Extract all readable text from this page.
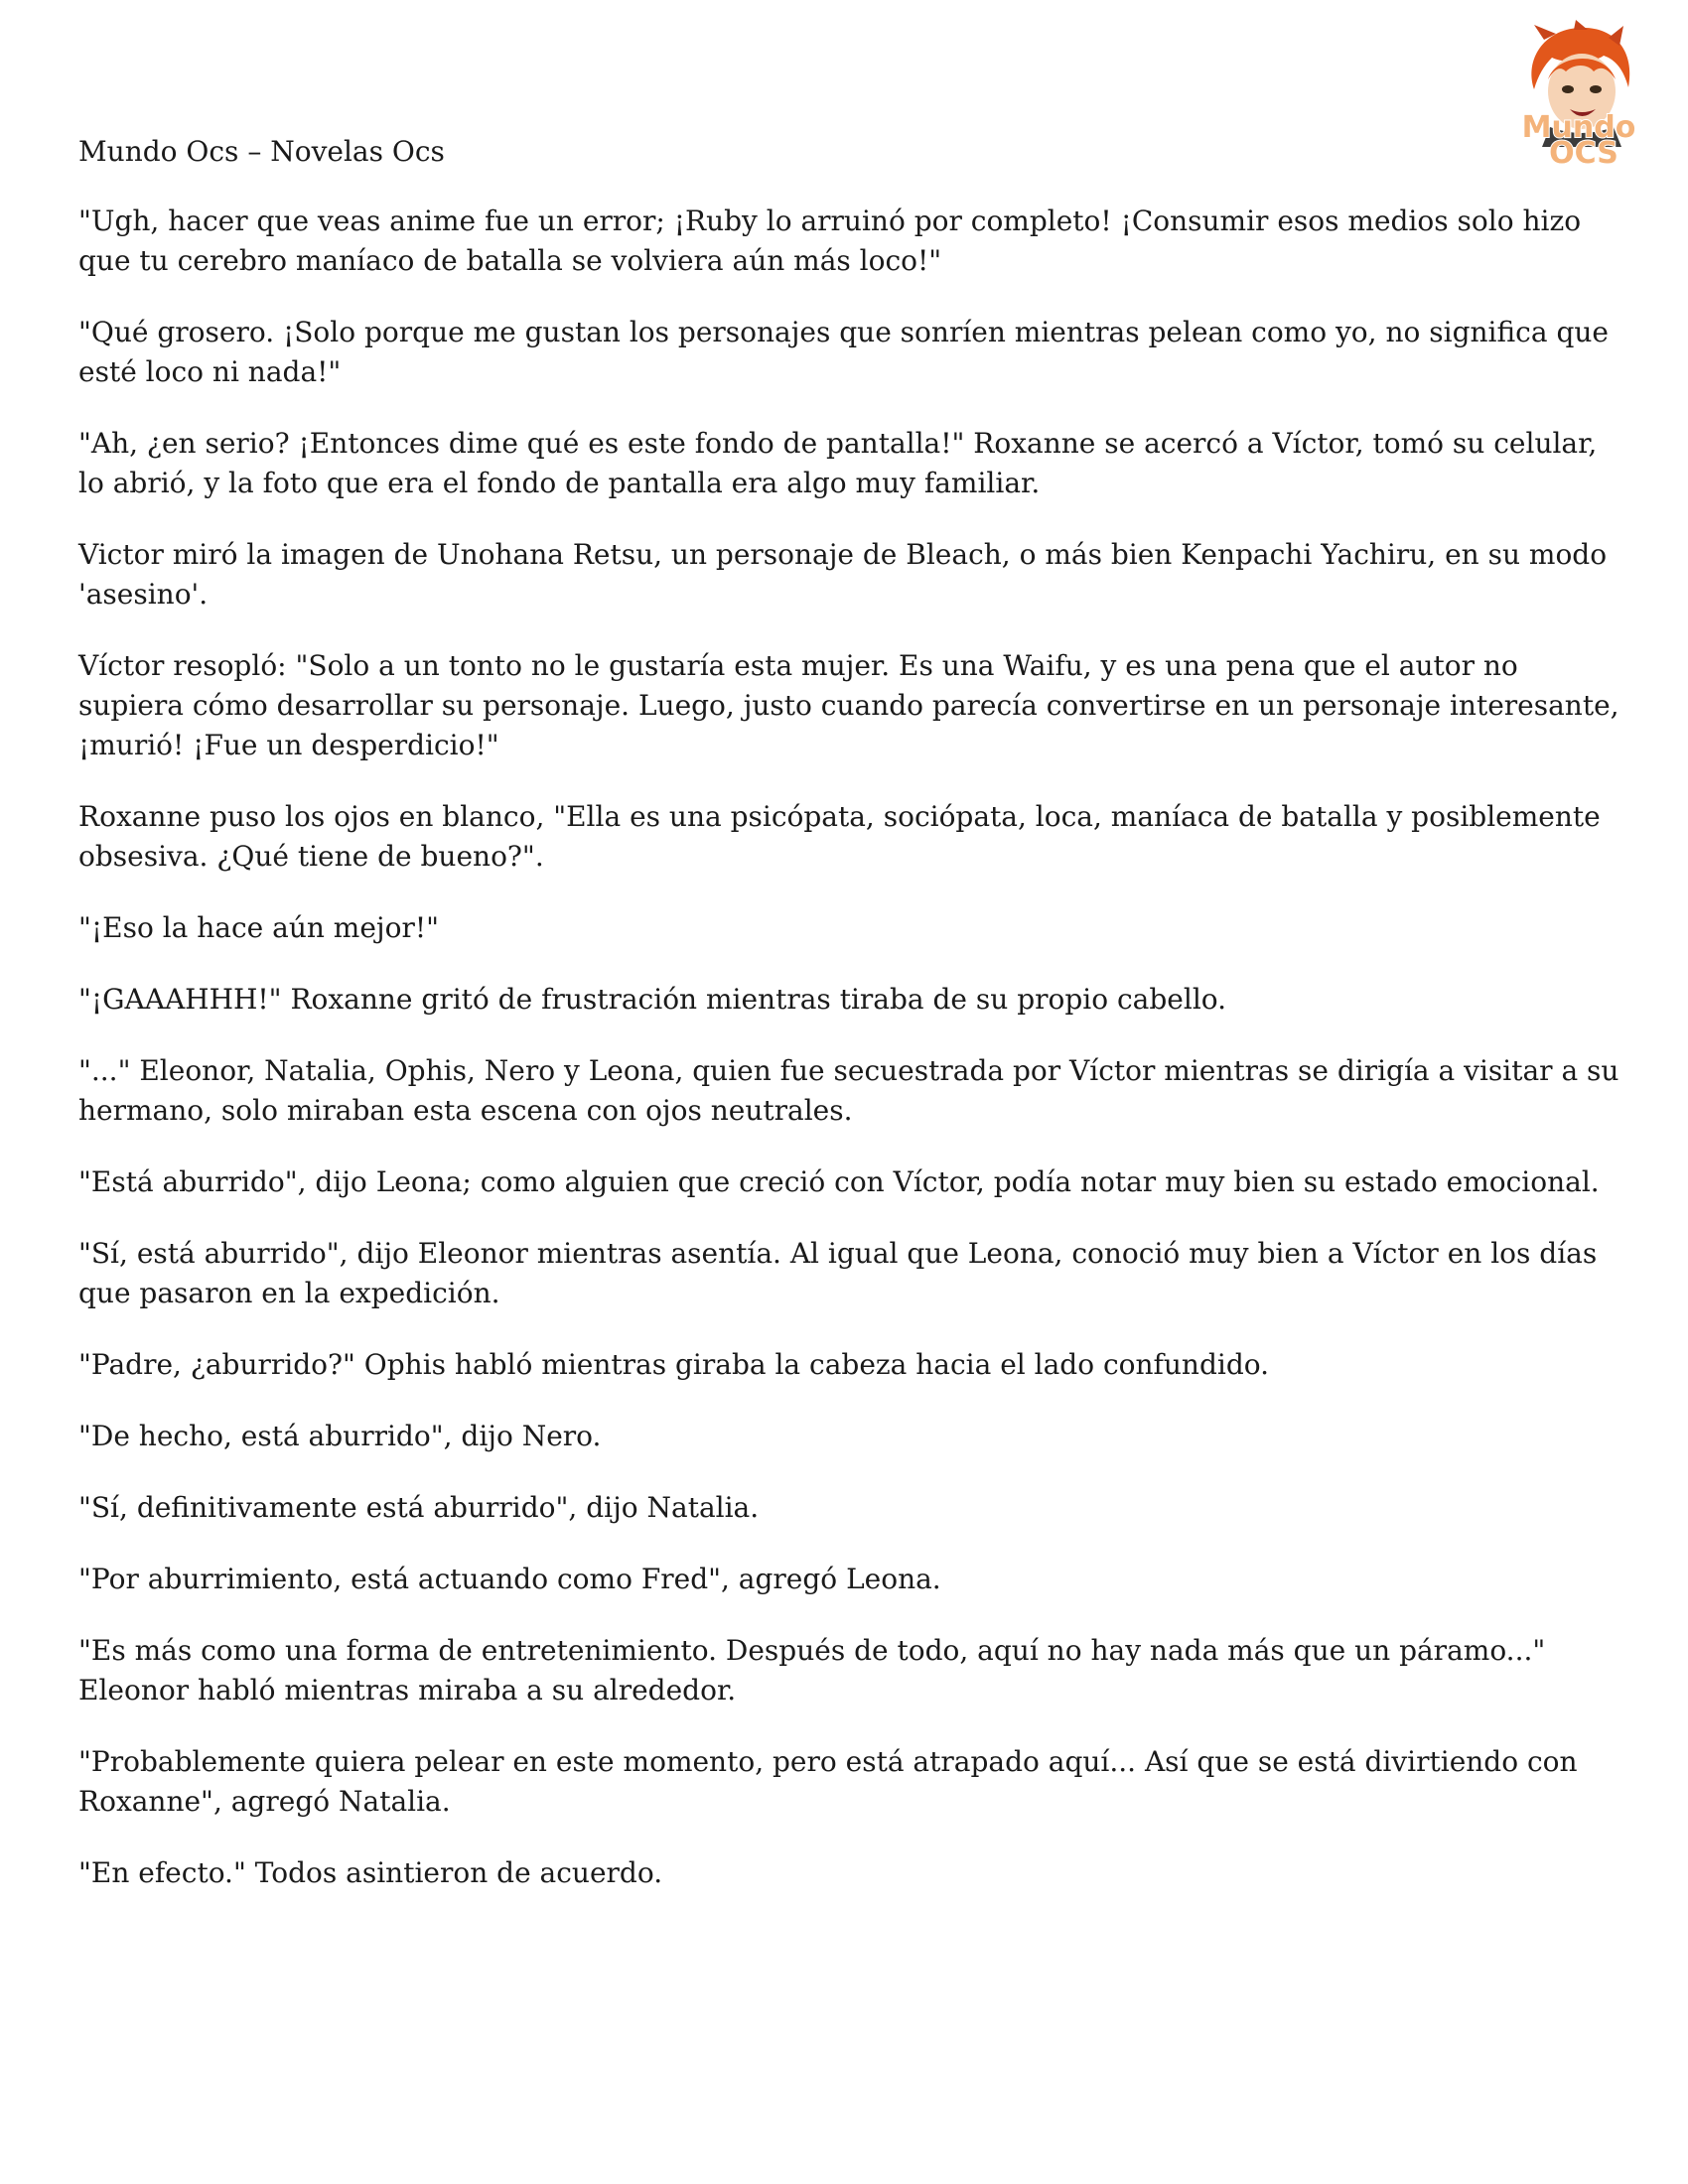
Mundo
OCS

Mundo Ocs – Novelas Ocs

"Ugh, hacer que veas anime fue un error; ¡Ruby lo arruinó por completo! ¡Consumir esos medios solo hizo que tu cerebro maníaco de batalla se volviera aún más loco!"

"Qué grosero. ¡Solo porque me gustan los personajes que sonríen mientras pelean como yo, no significa que esté loco ni nada!"

"Ah, ¿en serio? ¡Entonces dime qué es este fondo de pantalla!" Roxanne se acercó a Víctor, tomó su celular, lo abrió, y la foto que era el fondo de pantalla era algo muy familiar.

Victor miró la imagen de Unohana Retsu, un personaje de Bleach, o más bien Kenpachi Yachiru, en su modo 'asesino'.

Víctor resopló: "Solo a un tonto no le gustaría esta mujer. Es una Waifu, y es una pena que el autor no supiera cómo desarrollar su personaje. Luego, justo cuando parecía convertirse en un personaje interesante, ¡murió! ¡Fue un desperdicio!"

Roxanne puso los ojos en blanco, "Ella es una psicópata, sociópata, loca, maníaca de batalla y posiblemente obsesiva. ¿Qué tiene de bueno?".

"¡Eso la hace aún mejor!"

"¡GAAAHHH!" Roxanne gritó de frustración mientras tiraba de su propio cabello.

"..." Eleonor, Natalia, Ophis, Nero y Leona, quien fue secuestrada por Víctor mientras se dirigía a visitar a su hermano, solo miraban esta escena con ojos neutrales.

"Está aburrido", dijo Leona; como alguien que creció con Víctor, podía notar muy bien su estado emocional.

"Sí, está aburrido", dijo Eleonor mientras asentía. Al igual que Leona, conoció muy bien a Víctor en los días que pasaron en la expedición.

"Padre, ¿aburrido?" Ophis habló mientras giraba la cabeza hacia el lado confundido.

"De hecho, está aburrido", dijo Nero.

"Sí, definitivamente está aburrido", dijo Natalia.

"Por aburrimiento, está actuando como Fred", agregó Leona.

"Es más como una forma de entretenimiento. Después de todo, aquí no hay nada más que un páramo..." Eleonor habló mientras miraba a su alrededor.

"Probablemente quiera pelear en este momento, pero está atrapado aquí... Así que se está divirtiendo con Roxanne", agregó Natalia.

"En efecto." Todos asintieron de acuerdo.
